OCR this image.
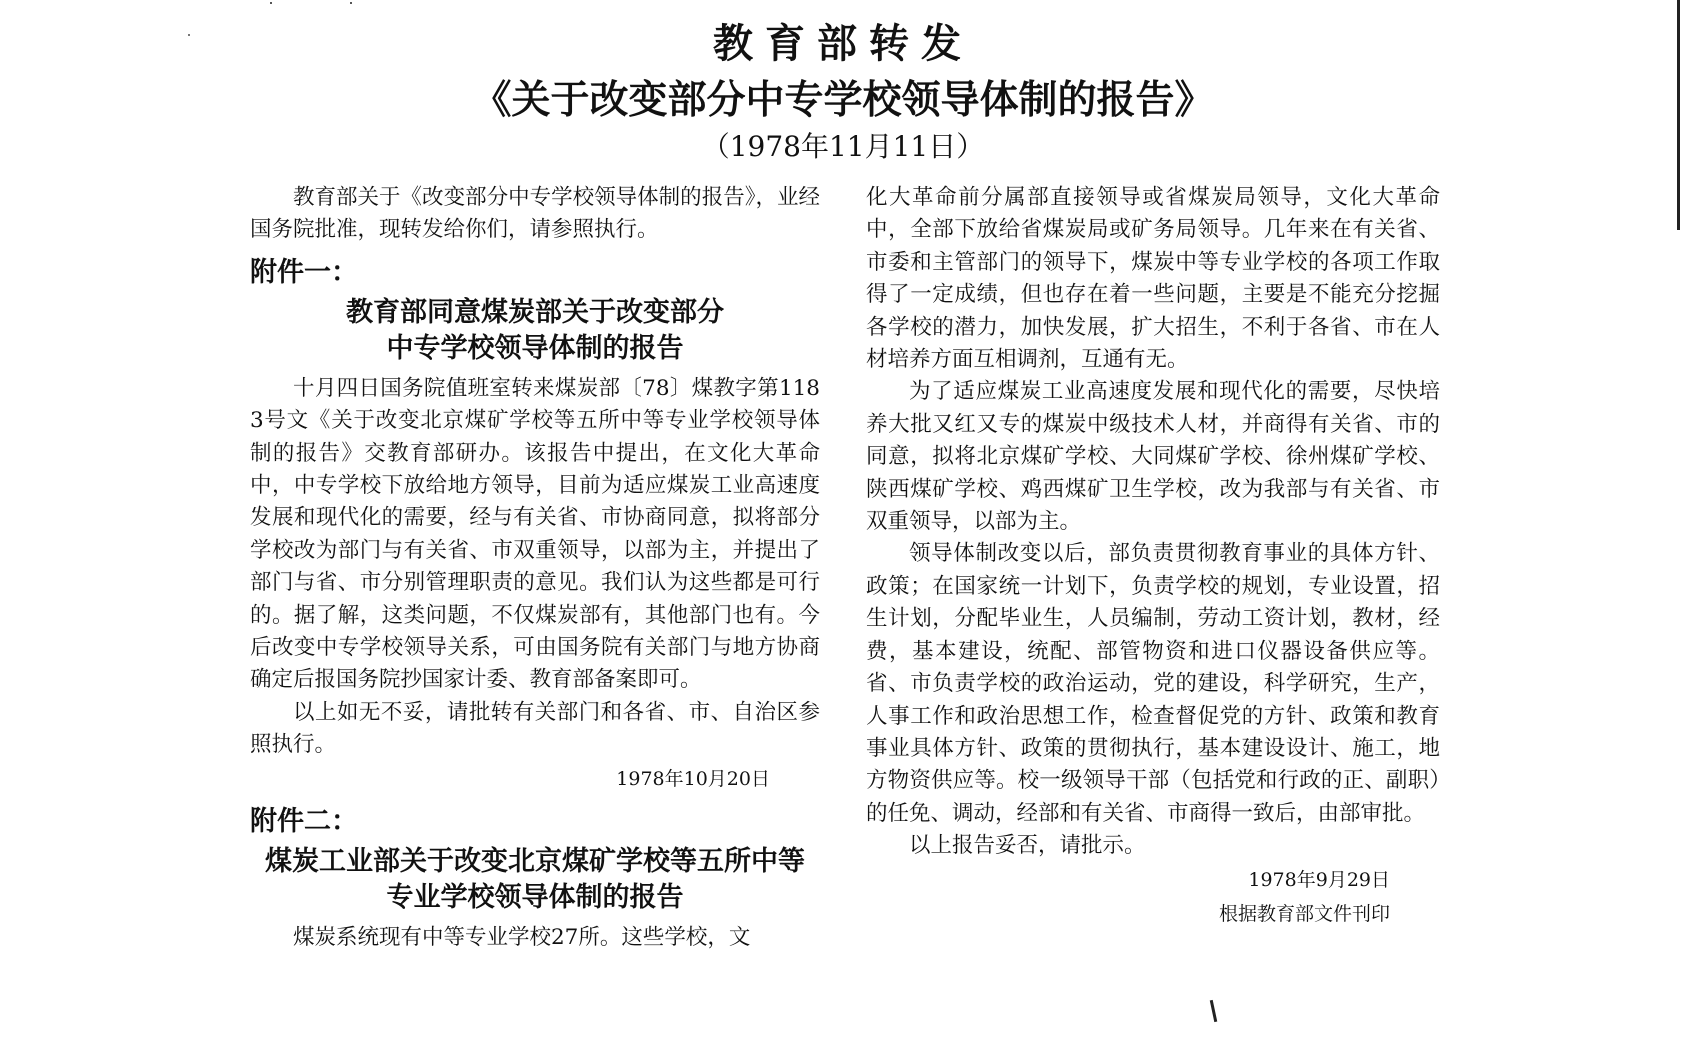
教育部转发
《关于改变部分中专学校领导体制的报告》
（1978年11月11日）

教育部关于《改变部分中专学校领导体制的报告》，业经国务院批准，现转发给你们，请参照执行。

附件一：
教育部同意煤炭部关于改变部分
中专学校领导体制的报告

十月四日国务院值班室转来煤炭部〔78〕煤教字第1183号文《关于改变北京煤矿学校等五所中等专业学校领导体制的报告》交教育部研办。该报告中提出，在文化大革命中，中专学校下放给地方领导，目前为适应煤炭工业高速度发展和现代化的需要，经与有关省、市协商同意，拟将部分学校改为部门与有关省、市双重领导，以部为主，并提出了部门与省、市分别管理职责的意见。我们认为这些都是可行的。据了解，这类问题，不仅煤炭部有，其他部门也有。今后改变中专学校领导关系，可由国务院有关部门与地方协商确定后报国务院抄国家计委、教育部备案即可。

以上如无不妥，请批转有关部门和各省、市、自治区参照执行。

1978年10月20日
附件二：
煤炭工业部关于改变北京煤矿学校等五所中等
专业学校领导体制的报告

煤炭系统现有中等专业学校27所。这些学校，文

化大革命前分属部直接领导或省煤炭局领导，文化大革命中，全部下放给省煤炭局或矿务局领导。几年来在有关省、市委和主管部门的领导下，煤炭中等专业学校的各项工作取得了一定成绩，但也存在着一些问题，主要是不能充分挖掘各学校的潜力，加快发展，扩大招生，不利于各省、市在人材培养方面互相调剂，互通有无。

为了适应煤炭工业高速度发展和现代化的需要，尽快培养大批又红又专的煤炭中级技术人材，并商得有关省、市的同意，拟将北京煤矿学校、大同煤矿学校、徐州煤矿学校、陕西煤矿学校、鸡西煤矿卫生学校，改为我部与有关省、市双重领导，以部为主。

领导体制改变以后，部负责贯彻教育事业的具体方针、政策；在国家统一计划下，负责学校的规划，专业设置，招生计划，分配毕业生，人员编制，劳动工资计划，教材，经费，基本建设，统配、部管物资和进口仪器设备供应等。省、市负责学校的政治运动，党的建设，科学研究，生产，人事工作和政治思想工作，检查督促党的方针、政策和教育事业具体方针、政策的贯彻执行，基本建设设计、施工，地方物资供应等。校一级领导干部（包括党和行政的正、副职）的任免、调动，经部和有关省、市商得一致后，由部审批。

以上报告妥否，请批示。

1978年9月29日
根据教育部文件刊印
